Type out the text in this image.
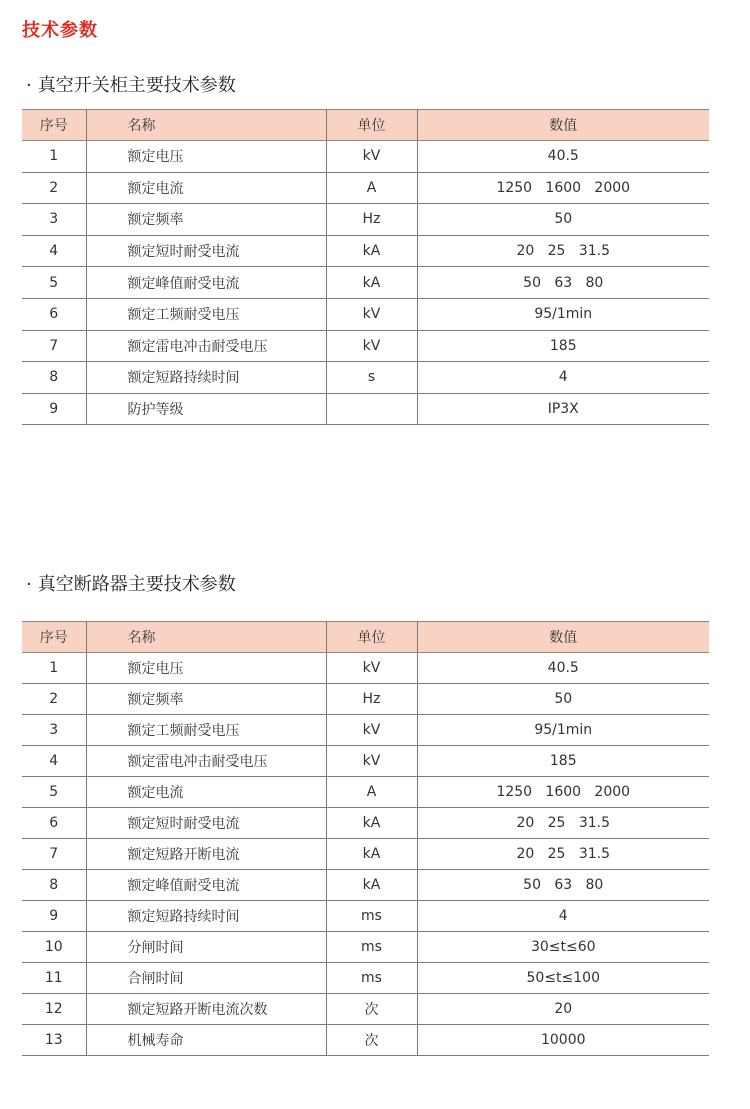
技术参数
· 真空开关柜主要技术参数
序号	名称	单位	数值
1	额定电压	kV	40.5
2	额定电流	A	1250   1600   2000
3	额定频率	Hz	50
4	额定短时耐受电流	kA	20   25   31.5
5	额定峰值耐受电流	kA	50   63   80
6	额定工频耐受电压	kV	95/1min
7	额定雷电冲击耐受电压	kV	185
8	额定短路持续时间	s	4
9	防护等级		IP3X
· 真空断路器主要技术参数
序号	名称	单位	数值
1	额定电压	kV	40.5
2	额定频率	Hz	50
3	额定工频耐受电压	kV	95/1min
4	额定雷电冲击耐受电压	kV	185
5	额定电流	A	1250   1600   2000
6	额定短时耐受电流	kA	20   25   31.5
7	额定短路开断电流	kA	20   25   31.5
8	额定峰值耐受电流	kA	50   63   80
9	额定短路持续时间	ms	4
10	分闸时间	ms	30≤t≤60
11	合闸时间	ms	50≤t≤100
12	额定短路开断电流次数	次	20
13	机械寿命	次	10000
